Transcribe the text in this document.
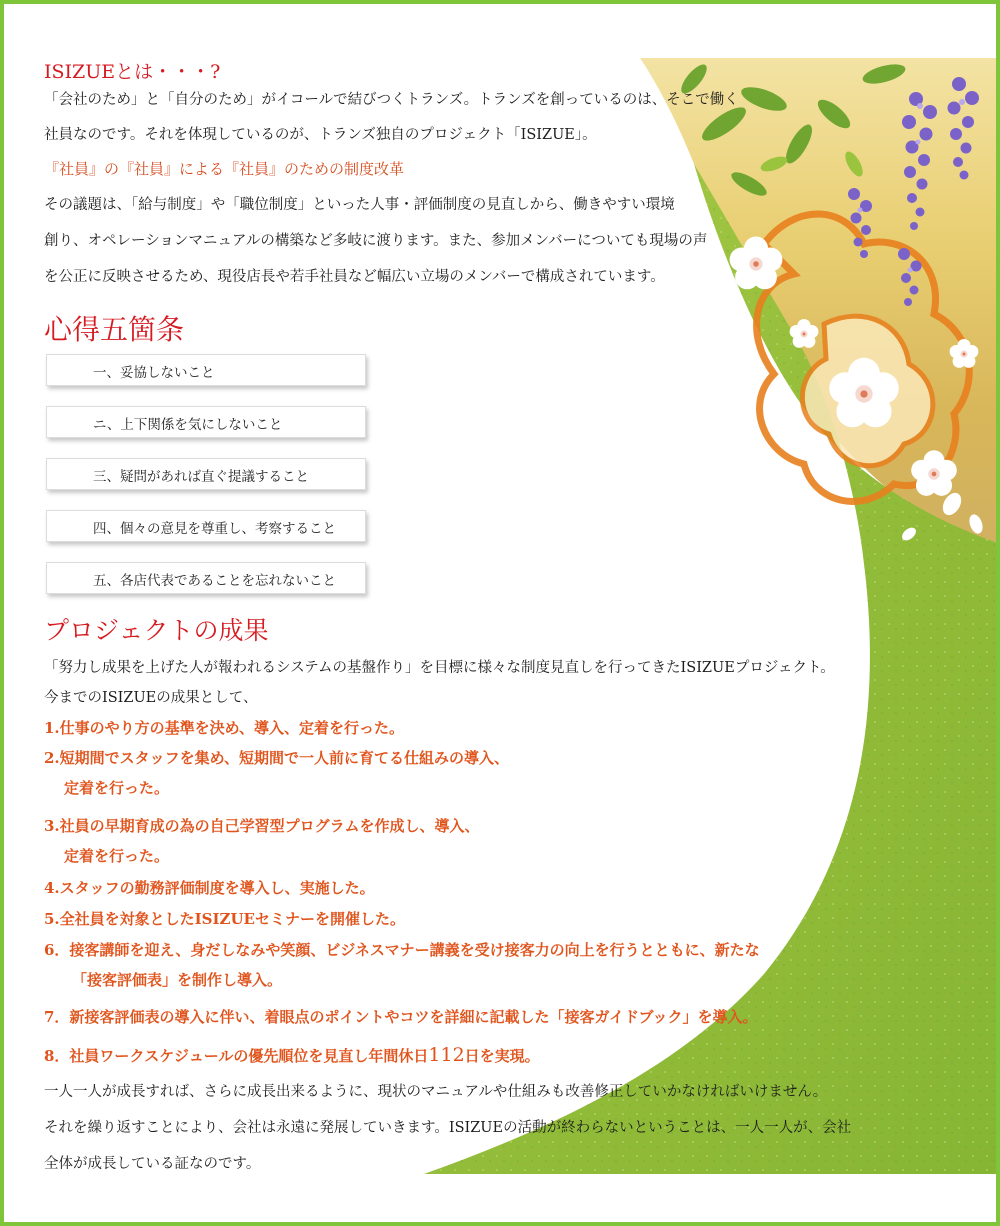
ISIZUEとは・・・?

「会社のため」と「自分のため」がイコールで結びつくトランズ。トランズを創っているのは、そこで働く

社員なのです。それを体現しているのが、トランズ独自のプロジェクト「ISIZUE」。

『社員』の『社員』による『社員』のための制度改革

その議題は、「給与制度」や「職位制度」といった人事・評価制度の見直しから、働きやすい環境

創り、オペレーションマニュアルの構築など多岐に渡ります。また、参加メンバーについても現場の声

を公正に反映させるため、現役店長や若手社員など幅広い立場のメンバーで構成されています。

心得五箇条

一、妥協しないこと
ニ、上下関係を気にしないこと
三、疑問があれば直ぐ提議すること
四、個々の意見を尊重し、考察すること
五、各店代表であることを忘れないこと

プロジェクトの成果

「努力し成果を上げた人が報われるシステムの基盤作り」を目標に様々な制度見直しを行ってきたISIZUEプロジェクト。

今までのISIZUEの成果として、

1.仕事のやり方の基準を決め、導入、定着を行った。

2.短期間でスタッフを集め、短期間で一人前に育てる仕組みの導入、

定着を行った。

3.社員の早期育成の為の自己学習型プログラムを作成し、導入、

定着を行った。

4.スタッフの勤務評価制度を導入し、実施した。

5.全社員を対象としたISIZUEセミナーを開催した。

6．接客講師を迎え、身だしなみや笑顔、ビジネスマナー講義を受け接客力の向上を行うとともに、新たな

「接客評価表」を制作し導入。

7．新接客評価表の導入に伴い、着眼点のポイントやコツを詳細に記載した「接客ガイドブック」を導入。

8．社員ワークスケジュールの優先順位を見直し年間休日112日を実現。

一人一人が成長すれば、さらに成長出来るように、現状のマニュアルや仕組みも改善修正していかなければいけません。

それを繰り返すことにより、会社は永遠に発展していきます。ISIZUEの活動が終わらないということは、一人一人が、会社

全体が成長している証なのです。
